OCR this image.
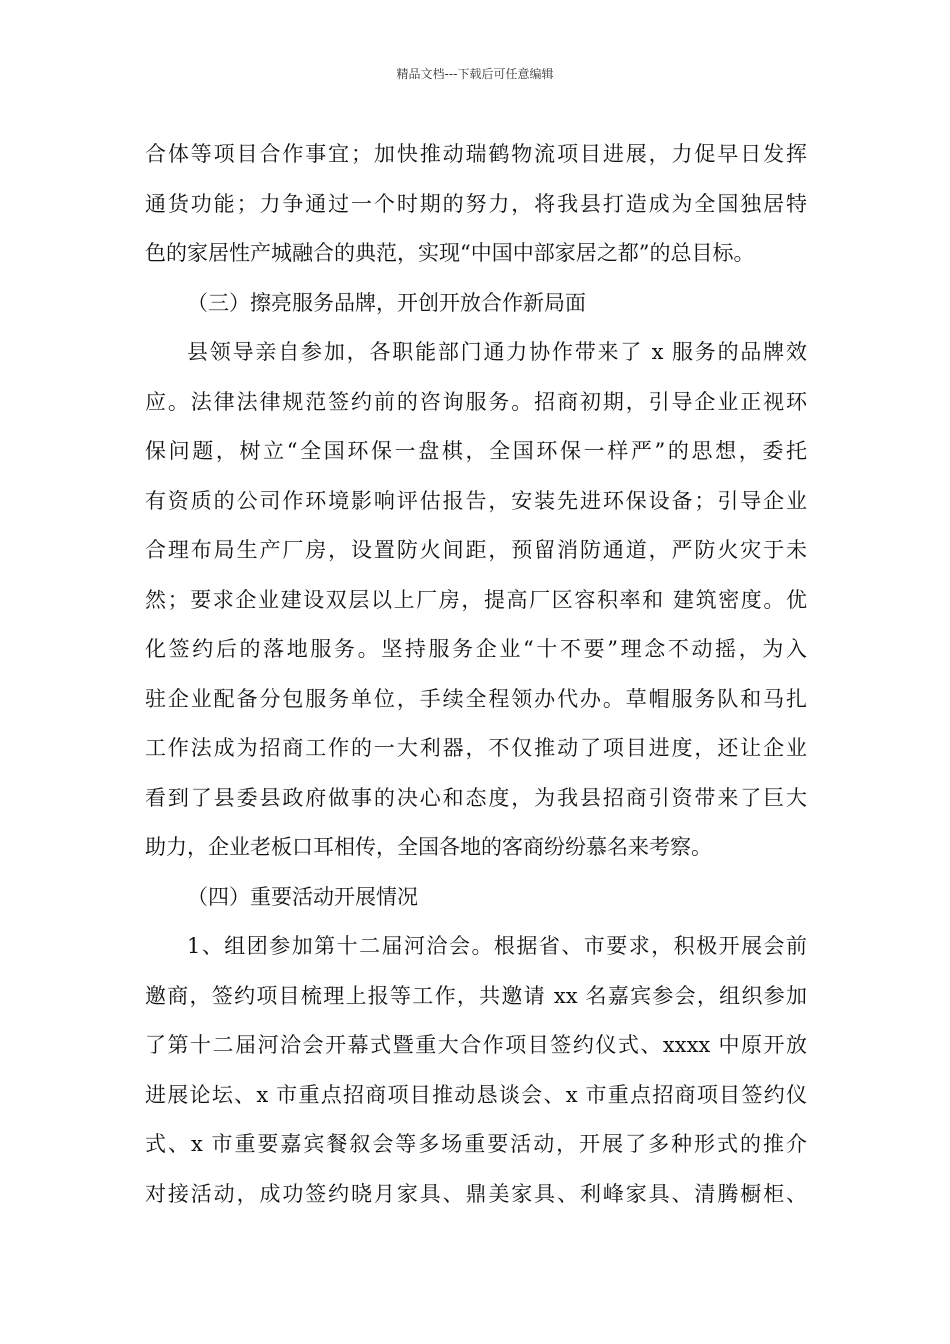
精品文档---下载后可任意编辑
合体等项目合作事宜；加快推动瑞鹤物流项目进展，力促早日发挥
通货功能；力争通过一个时期的努力，将我县打造成为全国独居特
色的家居性产城融合的典范，实现“中国中部家居之都”的总目标。
（三）擦亮服务品牌，开创开放合作新局面
县领导亲自参加，各职能部门通力协作带来了 x 服务的品牌效
应。法律法律规范签约前的咨询服务。招商初期，引导企业正视环
保问题，树立“全国环保一盘棋，全国环保一样严”的思想，委托
有资质的公司作环境影响评估报告，安装先进环保设备；引导企业
合理布局生产厂房，设置防火间距，预留消防通道，严防火灾于未
然；要求企业建设双层以上厂房，提高厂区容积率和 建筑密度。优
化签约后的落地服务。坚持服务企业“十不要”理念不动摇，为入
驻企业配备分包服务单位，手续全程领办代办。草帽服务队和马扎
工作法成为招商工作的一大利器，不仅推动了项目进度，还让企业
看到了县委县政府做事的决心和态度，为我县招商引资带来了巨大
助力，企业老板口耳相传，全国各地的客商纷纷慕名来考察。
（四）重要活动开展情况
1、组团参加第十二届河洽会。根据省、市要求，积极开展会前
邀商，签约项目梳理上报等工作，共邀请 xx 名嘉宾参会，组织参加
了第十二届河洽会开幕式暨重大合作项目签约仪式、xxxx 中原开放
进展论坛、x 市重点招商项目推动恳谈会、x 市重点招商项目签约仪
式、x 市重要嘉宾餐叙会等多场重要活动，开展了多种形式的推介
对接活动，成功签约晓月家具、鼎美家具、利峰家具、清腾橱柜、
